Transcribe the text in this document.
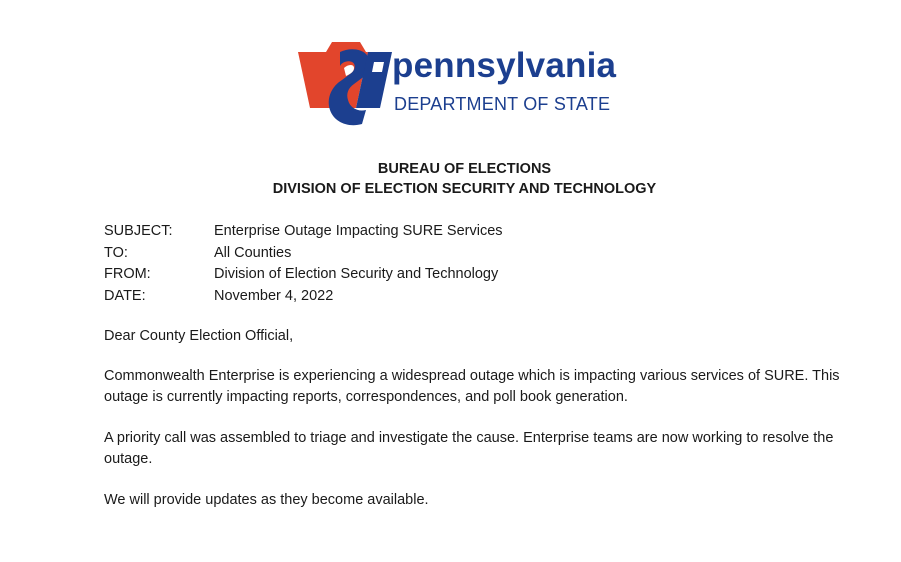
pennsylvania
DEPARTMENT OF STATE
BUREAU OF ELECTIONS
DIVISION OF ELECTION SECURITY AND TECHNOLOGY
SUBJECT:	Enterprise Outage Impacting SURE Services
TO:	All Counties
FROM:	Division of Election Security and Technology
DATE:	November 4, 2022
Dear County Election Official,
Commonwealth Enterprise is experiencing a widespread outage which is impacting various services of SURE. This outage is currently impacting reports, correspondences, and poll book generation.
A priority call was assembled to triage and investigate the cause. Enterprise teams are now working to resolve the outage.
We will provide updates as they become available.
